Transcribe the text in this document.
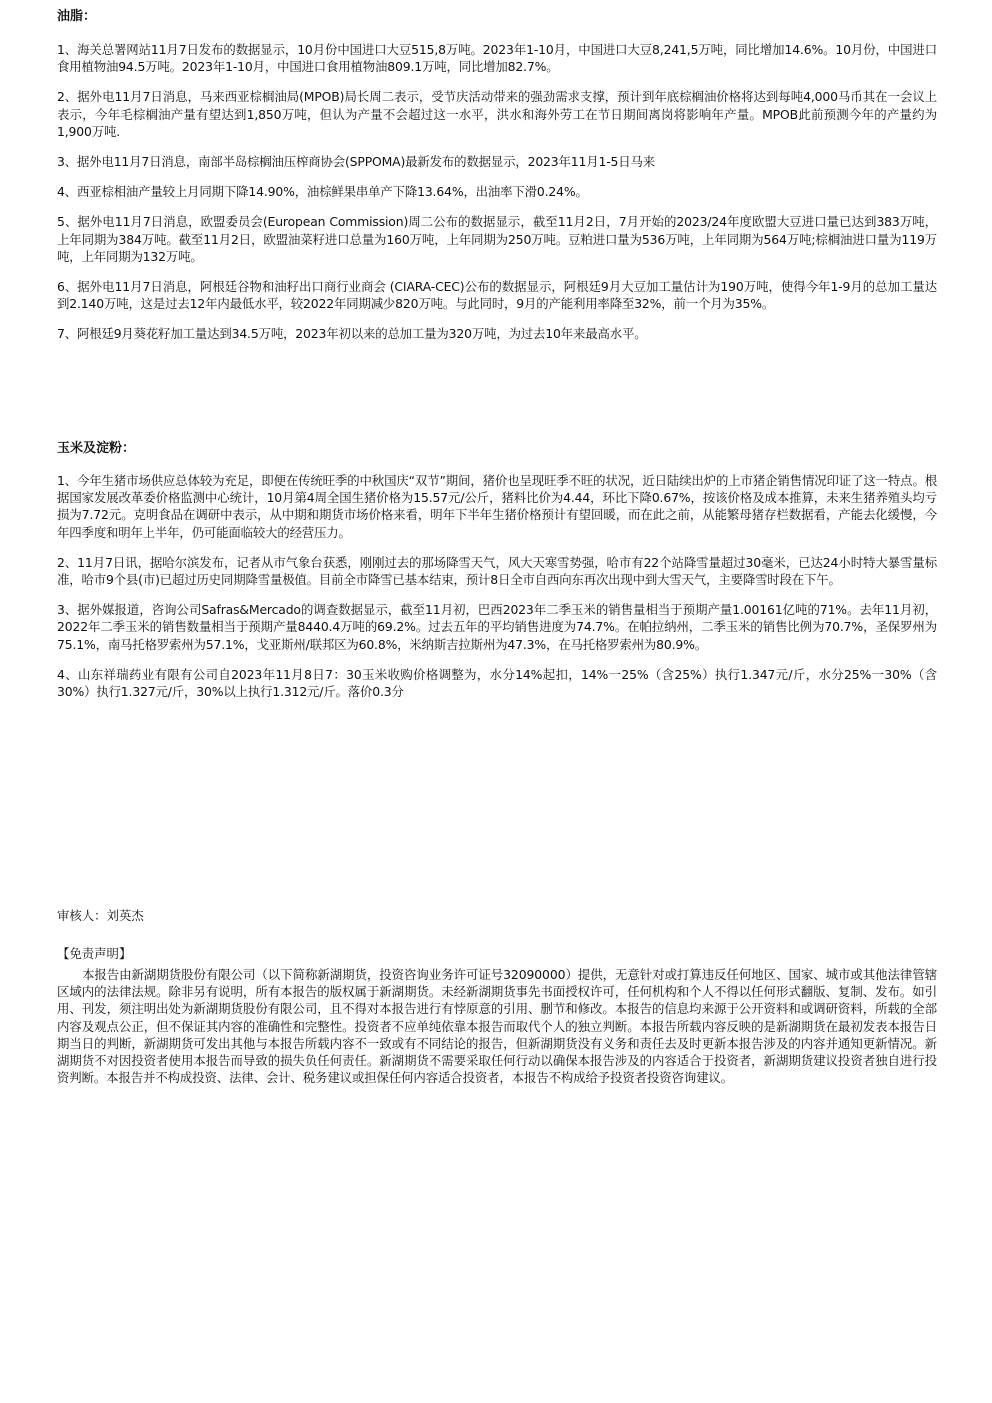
油脂：

1、海关总署网站11月7日发布的数据显示，10月份中国进口大豆515,8万吨。2023年1-10月，中国进口大豆8,241,5万吨，同比增加14.6%。10月份，中国进口食用植物油94.5万吨。2023年1-10月，中国进口食用植物油809.1万吨，同比增加82.7%。

2、据外电11月7日消息，马来西亚棕榈油局(MPOB)局长周二表示，受节庆活动带来的强劲需求支撑，预计到年底棕榈油价格将达到每吨4,000马币其在一会议上表示，今年毛棕榈油产量有望达到1,850万吨，但认为产量不会超过这一水平，洪水和海外劳工在节日期间离岗将影响年产量。MPOB此前预测今年的产量约为1,900万吨.

3、据外电11月7日消息，南部半岛棕榈油压榨商协会(SPPOMA)最新发布的数据显示，2023年11月1-5日马来

4、西亚棕相油产量较上月同期下降14.90%，油棕鲜果串单产下降13.64%，出油率下滑0.24%。

5、据外电11月7日消息，欧盟委员会(European Commission)周二公布的数据显示，截至11月2日，7月开始的2023/24年度欧盟大豆进口量已达到383万吨，上年同期为384万吨。截至11月2日，欧盟油菜籽进口总量为160万吨，上年同期为250万吨。豆粕进口量为536万吨，上年同期为564万吨;棕榈油进口量为119万吨，上年同期为132万吨。

6、据外电11月7日消息，阿根廷谷物和油籽出口商行业商会 (CIARA-CEC)公布的数据显示，阿根廷9月大豆加工量估计为190万吨，使得今年1-9月的总加工量达到2.140万吨，这是过去12年内最低水平，较2022年同期减少820万吨。与此同时，9月的产能利用率降至32%，前一个月为35%。

7、阿根廷9月葵花籽加工量达到34.5万吨，2023年初以来的总加工量为320万吨，为过去10年来最高水平。

玉米及淀粉：

1、今年生猪市场供应总体较为充足，即便在传统旺季的中秋国庆“双节”期间，猪价也呈现旺季不旺的状况，近日陆续出炉的上市猪企销售情况印证了这一特点。根据国家发展改革委价格监测中心统计，10月第4周全国生猪价格为15.57元/公斤，猪料比价为4.44，环比下降0.67%，按该价格及成本推算，未来生猪养殖头均亏损为7.72元。克明食品在调研中表示，从中期和期货市场价格来看，明年下半年生猪价格预计有望回暖，而在此之前，从能繁母猪存栏数据看，产能去化缓慢，今年四季度和明年上半年，仍可能面临较大的经营压力。

2、11月7日讯，据哈尔滨发布，记者从市气象台获悉，刚刚过去的那场降雪天气，风大天寒雪势强，哈市有22个站降雪量超过30毫米，已达24小时特大暴雪量标准，哈市9个县(市)已超过历史同期降雪量极值。目前全市降雪已基本结束，预计8日全市自西向东再次出现中到大雪天气，主要降雪时段在下午。

3、据外媒报道，咨询公司Safras&Mercado的调查数据显示，截至11月初，巴西2023年二季玉米的销售量相当于预期产量1.00161亿吨的71%。去年11月初，2022年二季玉米的销售数量相当于预期产量8440.4万吨的69.2%。过去五年的平均销售进度为74.7%。在帕拉纳州，二季玉米的销售比例为70.7%，圣保罗州为75.1%，南马托格罗索州为57.1%，戈亚斯州/联邦区为60.8%，米纳斯吉拉斯州为47.3%，在马托格罗索州为80.9%。

4、山东祥瑞药业有限有公司自2023年11月8日7：30玉米收购价格调整为，水分14%起扣，14%一25%（含25%）执行1.347元/斤，水分25%一30%（含30%）执行1.327元/斤，30%以上执行1.312元/斤。落价0.3分

审核人：刘英杰

【免责声明】

本报告由新湖期货股份有限公司（以下简称新湖期货，投资咨询业务许可证号32090000）提供，无意针对或打算违反任何地区、国家、城市或其他法律管辖区域内的法律法规。除非另有说明，所有本报告的版权属于新湖期货。未经新湖期货事先书面授权许可，任何机构和个人不得以任何形式翻版、复制、发布。如引用、刊发，须注明出处为新湖期货股份有限公司，且不得对本报告进行有悖原意的引用、删节和修改。本报告的信息均来源于公开资料和或调研资料，所载的全部内容及观点公正，但不保证其内容的准确性和完整性。投资者不应单纯依靠本报告而取代个人的独立判断。本报告所载内容反映的是新湖期货在最初发表本报告日期当日的判断，新湖期货可发出其他与本报告所载内容不一致或有不同结论的报告，但新湖期货没有义务和责任去及时更新本报告涉及的内容并通知更新情况。新湖期货不对因投资者使用本报告而导致的损失负任何责任。新湖期货不需要采取任何行动以确保本报告涉及的内容适合于投资者，新湖期货建议投资者独自进行投资判断。本报告并不构成投资、法律、会计、税务建议或担保任何内容适合投资者，本报告不构成给予投资者投资咨询建议。
